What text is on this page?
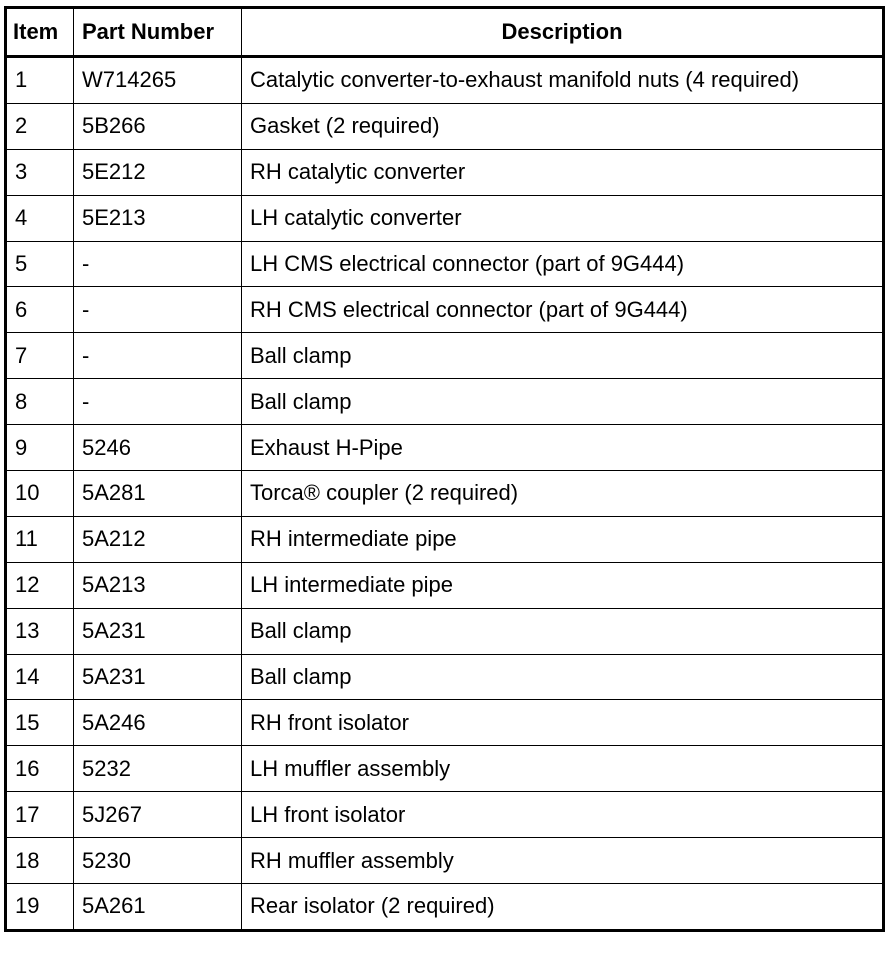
Item	Part Number	Description
1	W714265	Catalytic converter-to-exhaust manifold nuts (4 required)
2	5B266	Gasket (2 required)
3	5E212	RH catalytic converter
4	5E213	LH catalytic converter
5	-	LH CMS electrical connector (part of 9G444)
6	-	RH CMS electrical connector (part of 9G444)
7	-	Ball clamp
8	-	Ball clamp
9	5246	Exhaust H-Pipe
10	5A281	Torca® coupler (2 required)
11	5A212	RH intermediate pipe
12	5A213	LH intermediate pipe
13	5A231	Ball clamp
14	5A231	Ball clamp
15	5A246	RH front isolator
16	5232	LH muffler assembly
17	5J267	LH front isolator
18	5230	RH muffler assembly
19	5A261	Rear isolator (2 required)
